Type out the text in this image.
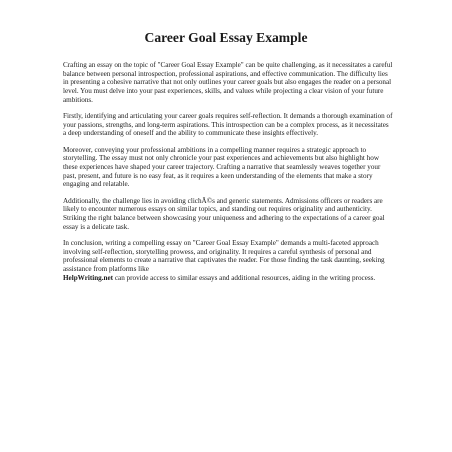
Career Goal Essay Example

Crafting an essay on the topic of "Career Goal Essay Example" can be quite challenging, as it necessitates a careful balance between personal introspection, professional aspirations, and effective communication. The difficulty lies in presenting a cohesive narrative that not only outlines your career goals but also engages the reader on a personal level. You must delve into your past experiences, skills, and values while projecting a clear vision of your future ambitions.

Firstly, identifying and articulating your career goals requires self-reflection. It demands a thorough examination of your passions, strengths, and long-term aspirations. This introspection can be a complex process, as it necessitates a deep understanding of oneself and the ability to communicate these insights effectively.

Moreover, conveying your professional ambitions in a compelling manner requires a strategic approach to storytelling. The essay must not only chronicle your past experiences and achievements but also highlight how these experiences have shaped your career trajectory. Crafting a narrative that seamlessly weaves together your past, present, and future is no easy feat, as it requires a keen understanding of the elements that make a story engaging and relatable.

Additionally, the challenge lies in avoiding clichÃ©s and generic statements. Admissions officers or readers are likely to encounter numerous essays on similar topics, and standing out requires originality and authenticity. Striking the right balance between showcasing your uniqueness and adhering to the expectations of a career goal essay is a delicate task.

In conclusion, writing a compelling essay on "Career Goal Essay Example" demands a multi-faceted approach involving self-reflection, storytelling prowess, and originality. It requires a careful synthesis of personal and professional elements to create a narrative that captivates the reader. For those finding the task daunting, seeking assistance from platforms like
HelpWriting.net can provide access to similar essays and additional resources, aiding in the writing process.
